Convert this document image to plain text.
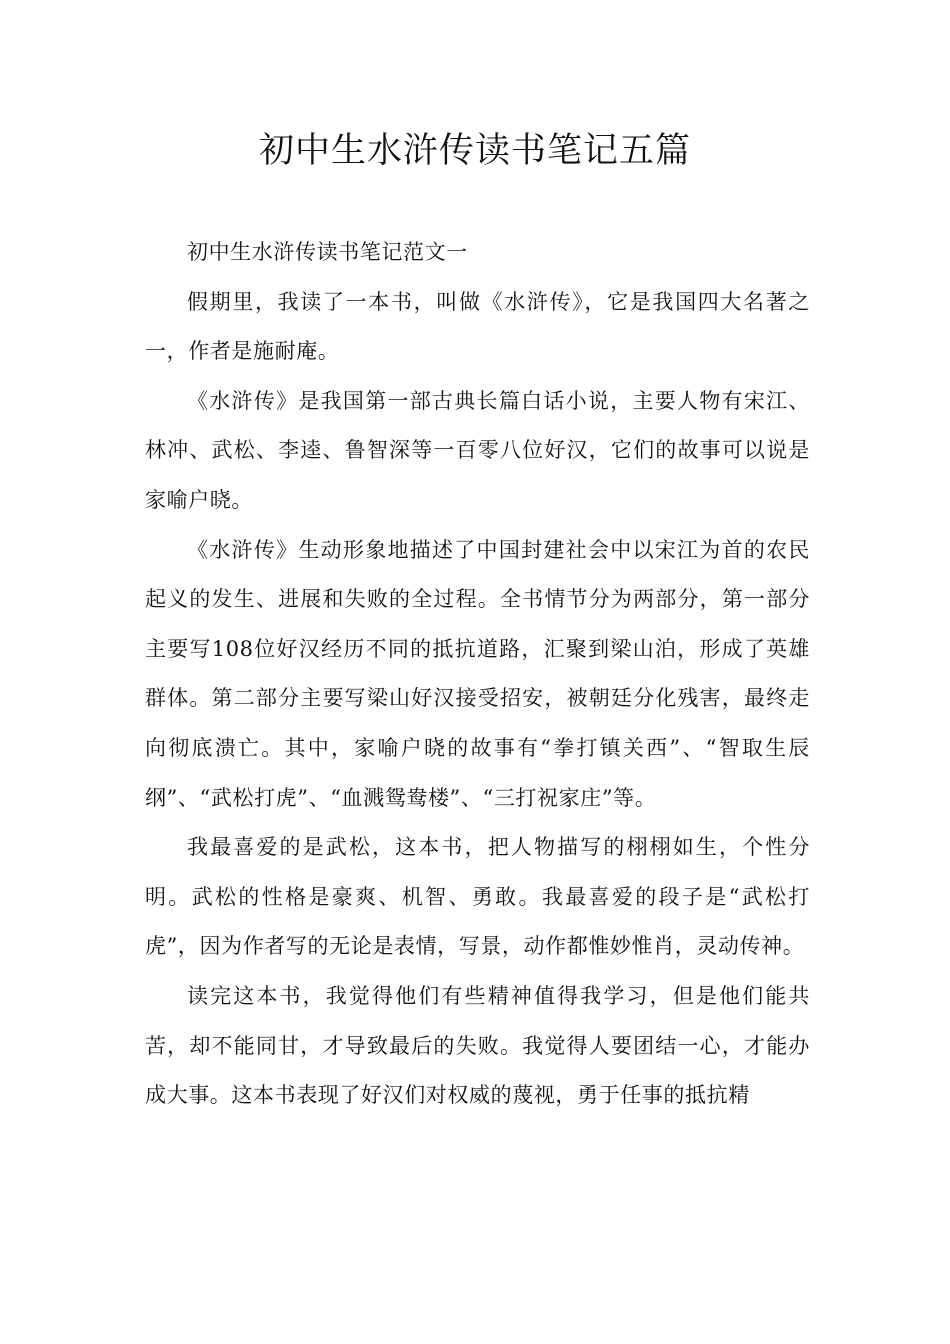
初中生水浒传读书笔记五篇

初中生水浒传读书笔记范文一

假期里，我读了一本书，叫做《水浒传》，它是我国四大名著之一，作者是施耐庵。

《水浒传》是我国第一部古典长篇白话小说，主要人物有宋江、林冲、武松、李逵、鲁智深等一百零八位好汉，它们的故事可以说是家喻户晓。

《水浒传》生动形象地描述了中国封建社会中以宋江为首的农民起义的发生、进展和失败的全过程。全书情节分为两部分，第一部分主要写108位好汉经历不同的抵抗道路，汇聚到梁山泊，形成了英雄群体。第二部分主要写梁山好汉接受招安，被朝廷分化残害，最终走向彻底溃亡。其中，家喻户晓的故事有“拳打镇关西”、“智取生辰纲”、“武松打虎”、“血溅鸳鸯楼”、“三打祝家庄”等。

我最喜爱的是武松，这本书，把人物描写的栩栩如生，个性分明。武松的性格是豪爽、机智、勇敢。我最喜爱的段子是“武松打虎”，因为作者写的无论是表情，写景，动作都惟妙惟肖，灵动传神。

读完这本书，我觉得他们有些精神值得我学习，但是他们能共苦，却不能同甘，才导致最后的失败。我觉得人要团结一心，才能办成大事。这本书表现了好汉们对权威的蔑视，勇于任事的抵抗精
